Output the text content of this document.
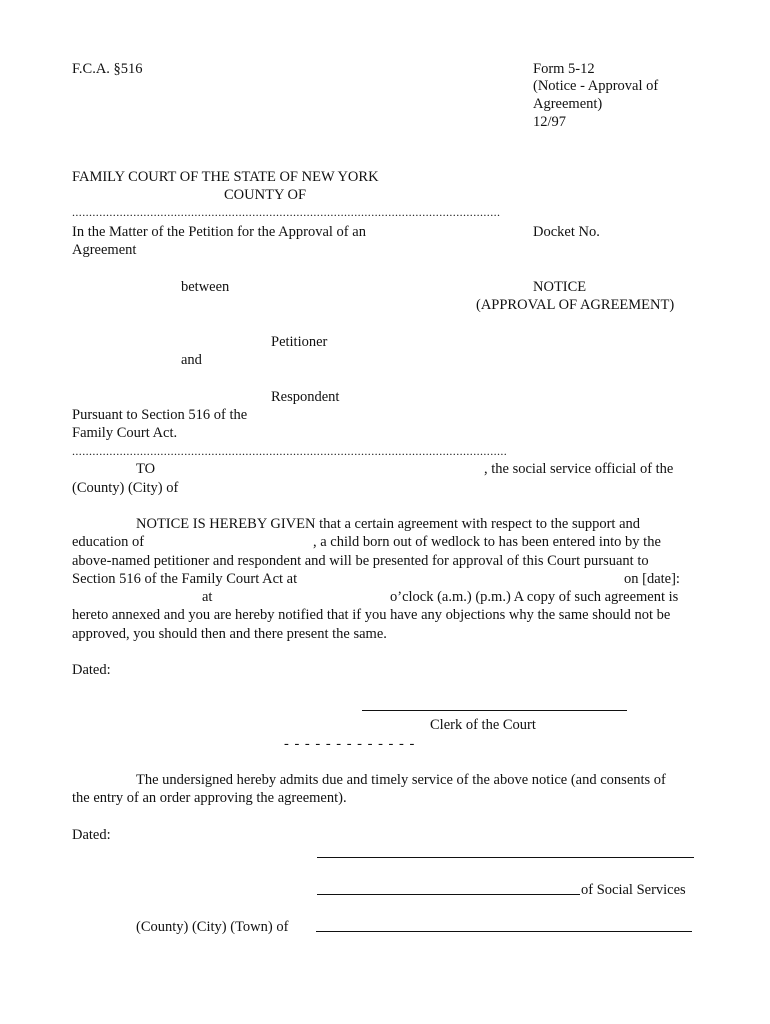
F.C.A. §516	Form 5-12
(Notice - Approval of
Agreement)
12/97
FAMILY COURT OF THE STATE OF NEW YORK
COUNTY OF
..............................................................................................................................
In the Matter of the Petition for the Approval of an
Agreement
between
Petitioner
and
Respondent
Pursuant to Section 516 of the
Family Court Act.
................................................................................................................................
Docket No.
NOTICE
(APPROVAL OF AGREEMENT)
TO	, the social service official of the
(County) (City) of
NOTICE IS HEREBY GIVEN that a certain agreement with respect to the support and
education of	, a child born out of wedlock to has been entered into by the
above-named petitioner and respondent and will be presented for approval of this Court pursuant to
Section 516 of the Family Court Act at	on [date]:
at	o’clock (a.m.) (p.m.) A copy of such agreement is
hereto annexed and you are hereby notified that if you have any objections why the same should not be
approved, you should then and there present the same.
Dated:
Clerk of the Court
- - - - - - - - - - - - -
The undersigned hereby admits due and timely service of the above notice (and consents of
the entry of an order approving the agreement).
Dated:
of Social Services
(County) (City) (Town) of
